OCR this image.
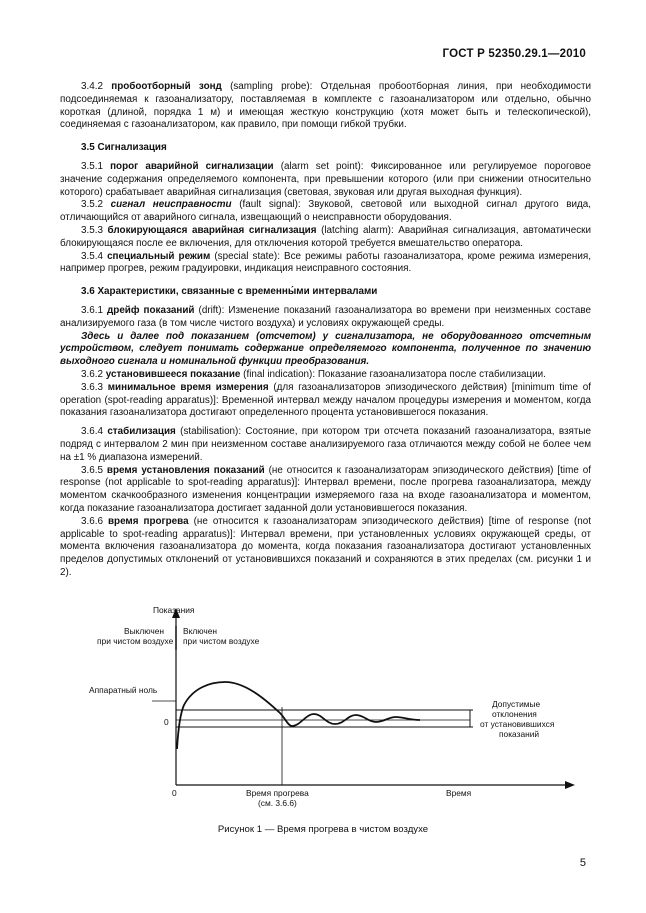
ГОСТ Р 52350.29.1—2010

3.4.2 пробоотборный зонд (sampling probe): Отдельная пробоотборная линия, при необходимости подсоединяемая к газоанализатору, поставляемая в комплекте с газоанализатором или отдельно, обычно короткая (длиной, порядка 1 м) и имеющая жесткую конструкцию (хотя может быть и телескопической), соединяемая с газоанализатором, как правило, при помощи гибкой трубки.

3.5 Сигнализация

3.5.1 порог аварийной сигнализации (alarm set point): Фиксированное или регулируемое пороговое значение содержания определяемого компонента, при превышении которого (или при снижении относительно которого) срабатывает аварийная сигнализация (световая, звуковая или другая выходная функция).

3.5.2 сигнал неисправности (fault signal): Звуковой, световой или выходной сигнал другого вида, отличающийся от аварийного сигнала, извещающий о неисправности оборудования.

3.5.3 блокирующаяся аварийная сигнализация (latching alarm): Аварийная сигнализация, автоматически блокирующаяся после ее включения, для отключения которой требуется вмешательство оператора.

3.5.4 специальный режим (special state): Все режимы работы газоанализатора, кроме режима измерения, например прогрев, режим градуировки, индикация неисправного состояния.

3.6 Характеристики, связанные с временны́ми интервалами

3.6.1 дрейф показаний (drift): Изменение показаний газоанализатора во времени при неизменных составе анализируемого газа (в том числе чистого воздуха) и условиях окружающей среды.

Здесь и далее под показанием (отсчетом) у сигнализатора, не оборудованного отсчетным устройством, следует понимать содержание определяемого компонента, полученное по значению выходного сигнала и номинальной функции преобразования.

3.6.2 установившееся показание (final indication): Показание газоанализатора после стабилизации.

3.6.3 минимальное время измерения (для газоанализаторов эпизодического действия) [minimum time of operation (spot-reading apparatus)]: Временной интервал между началом процедуры измерения и моментом, когда показания газоанализатора достигают определенного процента установившегося показания.

3.6.4 стабилизация (stabilisation): Состояние, при котором три отсчета показаний газоанализатора, взятые подряд с интервалом 2 мин при неизменном составе анализируемого газа отличаются между собой не более чем на ±1 % диапазона измерений.

3.6.5 время установления показаний (не относится к газоанализаторам эпизодического действия) [time of response (not applicable to spot-reading apparatus)]: Интервал времени, после прогрева газоанализатора, между моментом скачкообразного изменения концентрации измеряемого газа на входе газоанализатора и моментом, когда показание газоанализатора достигает заданной доли установившегося показания.

3.6.6 время прогрева (не относится к газоанализаторам эпизодического действия) [time of response (not applicable to spot-reading apparatus)]: Интервал времени, при установленных условиях окружающей среды, от момента включения газоанализатора до момента, когда показания газоанализатора достигают установленных пределов допустимых отклонений от установившихся показаний и сохраняются в этих пределах (см. рисунки 1 и 2).

Показания
Выключен
при чистом воздухе
Включен
при чистом воздухе
Аппаратный ноль
0
Допустимые
отклонения
от установившихся
показаний
0	Время прогрева
(см. 3.6.6)
Время
Рисунок 1 — Время прогрева в чистом воздухе
5
